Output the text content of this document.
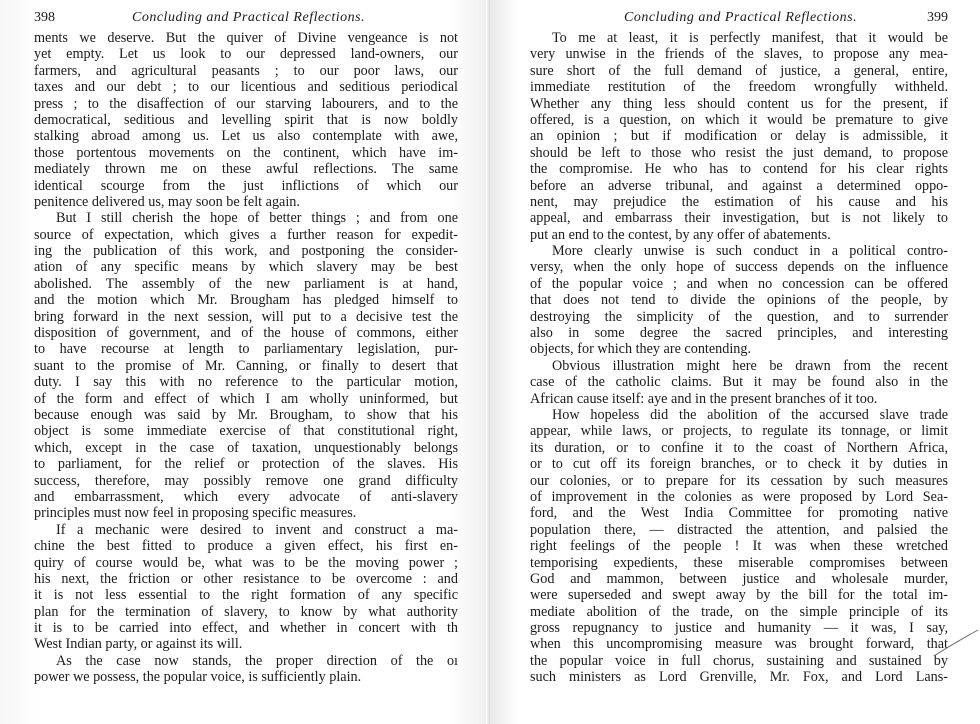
398	Concluding and Practical Reflections.
ments we deserve. But the quiver of Divine vengeance is not
yet empty. Let us look to our depressed land-owners, our
farmers, and agricultural peasants ; to our poor laws, our
taxes and our debt ; to our licentious and seditious periodical
press ; to the disaffection of our starving labourers, and to the
democratical, seditious and levelling spirit that is now boldly
stalking abroad among us. Let us also contemplate with awe,
those portentous movements on the continent, which have im-
mediately thrown me on these awful reflections. The same
identical scourge from the just inflictions of which our
penitence delivered us, may soon be felt again.
But I still cherish the hope of better things ; and from one
source of expectation, which gives a further reason for expedit-
ing the publication of this work, and postponing the consider-
ation of any specific means by which slavery may be best
abolished. The assembly of the new parliament is at hand,
and the motion which Mr. Brougham has pledged himself to
bring forward in the next session, will put to a decisive test the
disposition of government, and of the house of commons, either
to have recourse at length to parliamentary legislation, pur-
suant to the promise of Mr. Canning, or finally to desert that
duty. I say this with no reference to the particular motion,
of the form and effect of which I am wholly uninformed, but
because enough was said by Mr. Brougham, to show that his
object is some immediate exercise of that constitutional right,
which, except in the case of taxation, unquestionably belongs
to parliament, for the relief or protection of the slaves. His
success, therefore, may possibly remove one grand difficulty
and embarrassment, which every advocate of anti-slavery
principles must now feel in proposing specific measures.
If a mechanic were desired to invent and construct a ma-
chine the best fitted to produce a given effect, his first en-
quiry of course would be, what was to be the moving power ;
his next, the friction or other resistance to be overcome : and
it is not less essential to the right formation of any specific
plan for the termination of slavery, to know by what authority
it is to be carried into effect, and whether in concert with th
West Indian party, or against its will.
As the case now stands, the proper direction of the oı
power we possess, the popular voice, is sufficiently plain.
Concluding and Practical Reflections.	399
To me at least, it is perfectly manifest, that it would be
very unwise in the friends of the slaves, to propose any mea-
sure short of the full demand of justice, a general, entire,
immediate restitution of the freedom wrongfully withheld.
Whether any thing less should content us for the present, if
offered, is a question, on which it would be premature to give
an opinion ; but if modification or delay is admissible, it
should be left to those who resist the just demand, to propose
the compromise. He who has to contend for his clear rights
before an adverse tribunal, and against a determined oppo-
nent, may prejudice the estimation of his cause and his
appeal, and embarrass their investigation, but is not likely to
put an end to the contest, by any offer of abatements.
More clearly unwise is such conduct in a political contro-
versy, when the only hope of success depends on the influence
of the popular voice ; and when no concession can be offered
that does not tend to divide the opinions of the people, by
destroying the simplicity of the question, and to surrender
also in some degree the sacred principles, and interesting
objects, for which they are contending.
Obvious illustration might here be drawn from the recent
case of the catholic claims. But it may be found also in the
African cause itself: aye and in the present branches of it too.
How hopeless did the abolition of the accursed slave trade
appear, while laws, or projects, to regulate its tonnage, or limit
its duration, or to confine it to the coast of Northern Africa,
or to cut off its foreign branches, or to check it by duties in
our colonies, or to prepare for its cessation by such measures
of improvement in the colonies as were proposed by Lord Sea-
ford, and the West India Committee for promoting native
population there, — distracted the attention, and palsied the
right feelings of the people ! It was when these wretched
temporising expedients, these miserable compromises between
God and mammon, between justice and wholesale murder,
were superseded and swept away by the bill for the total im-
mediate abolition of the trade, on the simple principle of its
gross repugnancy to justice and humanity — it was, I say,
when this uncompromising measure was brought forward, that
the popular voice in full chorus, sustaining and sustained by
such ministers as Lord Grenville, Mr. Fox, and Lord Lans-
